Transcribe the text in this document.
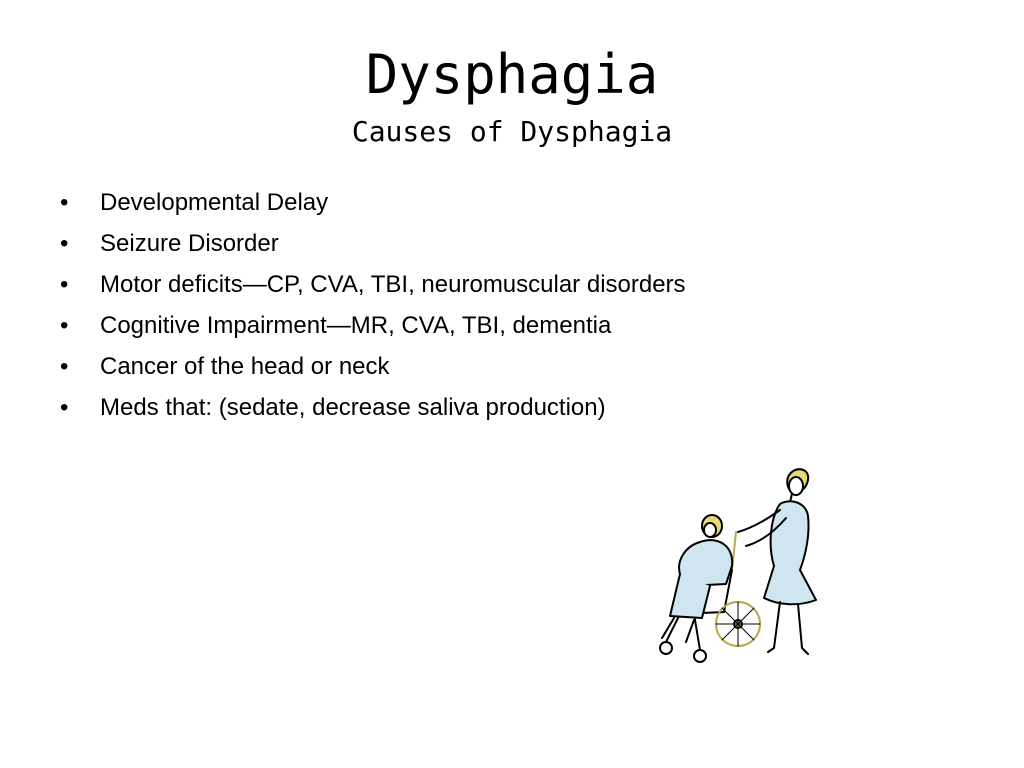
Dysphagia
Causes of Dysphagia
• Developmental Delay
• Seizure Disorder
• Motor deficits—CP, CVA, TBI, neuromuscular disorders
• Cognitive Impairment—MR, CVA, TBI, dementia
• Cancer of the head or neck
• Meds that: (sedate, decrease saliva production)
